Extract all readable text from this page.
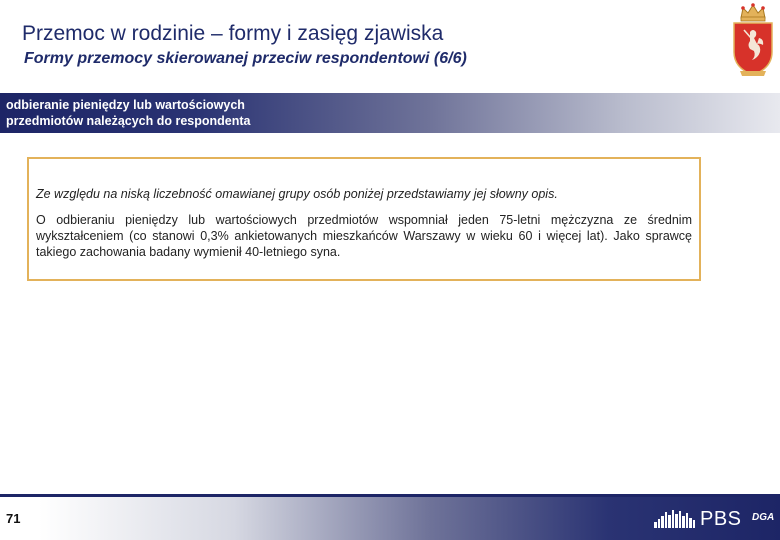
Przemoc w rodzinie – formy i zasięg zjawiska
Formy przemocy skierowanej przeciw respondentowi (6/6)
odbieranie pieniędzy lub wartościowych przedmiotów należących do respondenta
Ze względu na niską liczebność omawianej grupy osób poniżej przedstawiamy jej słowny opis.
O odbieraniu pieniędzy lub wartościowych przedmiotów wspomniał jeden 75-letni mężczyzna ze średnim wykształceniem (co stanowi 0,3% ankietowanych mieszkańców Warszawy w wieku 60 i więcej lat). Jako sprawcę takiego zachowania badany wymienił 40-letniego syna.
71	PBS DGA
